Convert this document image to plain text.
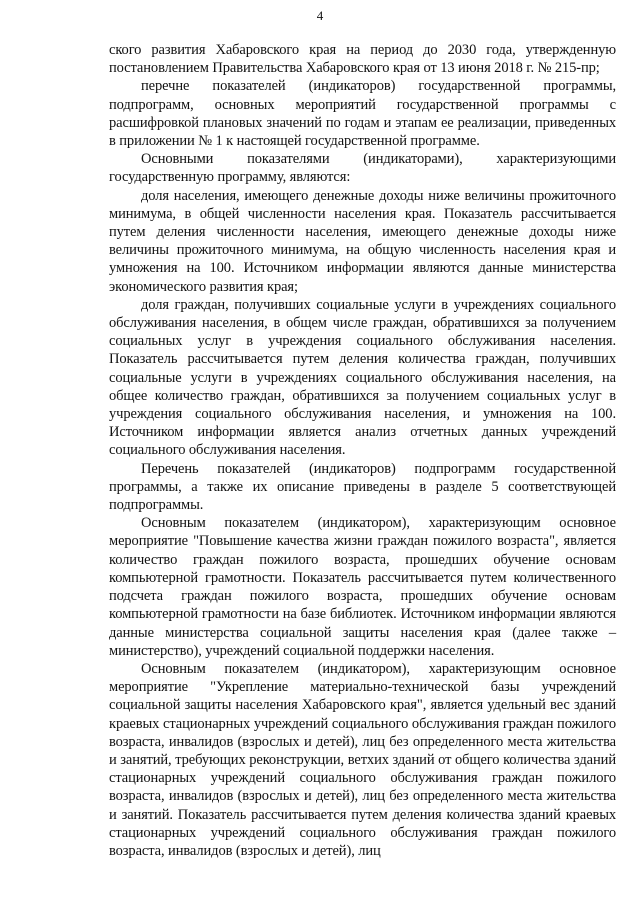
4

ского развития Хабаровского края на период до 2030 года, утвержденную постановлением Правительства Хабаровского края от 13 июня 2018 г. № 215-пр;

перечне показателей (индикаторов) государственной программы, подпрограмм, основных мероприятий государственной программы с расшифровкой плановых значений по годам и этапам ее реализации, приведенных в приложении № 1 к настоящей государственной программе.

Основными показателями (индикаторами), характеризующими государственную программу, являются:

доля населения, имеющего денежные доходы ниже величины прожиточного минимума, в общей численности населения края. Показатель рассчитывается путем деления численности населения, имеющего денежные доходы ниже величины прожиточного минимума, на общую численность населения края и умножения на 100. Источником информации являются данные министерства экономического развития края;

доля граждан, получивших социальные услуги в учреждениях социального обслуживания населения, в общем числе граждан, обратившихся за получением социальных услуг в учреждения социального обслуживания населения. Показатель рассчитывается путем деления количества граждан, получивших социальные услуги в учреждениях социального обслуживания населения, на общее количество граждан, обратившихся за получением социальных услуг в учреждения социального обслуживания населения, и умножения на 100. Источником информации является анализ отчетных данных учреждений социального обслуживания населения.

Перечень показателей (индикаторов) подпрограмм государственной программы, а также их описание приведены в разделе 5 соответствующей подпрограммы.

Основным показателем (индикатором), характеризующим основное мероприятие "Повышение качества жизни граждан пожилого возраста", является количество граждан пожилого возраста, прошедших обучение основам компьютерной грамотности. Показатель рассчитывается путем количественного подсчета граждан пожилого возраста, прошедших обучение основам компьютерной грамотности на базе библиотек. Источником информации являются данные министерства социальной защиты населения края (далее также – министерство), учреждений социальной поддержки населения.

Основным показателем (индикатором), характеризующим основное мероприятие "Укрепление материально-технической базы учреждений социальной защиты населения Хабаровского края", является удельный вес зданий краевых стационарных учреждений социального обслуживания граждан пожилого возраста, инвалидов (взрослых и детей), лиц без определенного места жительства и занятий, требующих реконструкции, ветхих зданий от общего количества зданий стационарных учреждений социального обслуживания граждан пожилого возраста, инвалидов (взрослых и детей), лиц без определенного места жительства и занятий. Показатель рассчитывается путем деления количества зданий краевых стационарных учреждений социального обслуживания граждан пожилого возраста, инвалидов (взрослых и детей), лиц
